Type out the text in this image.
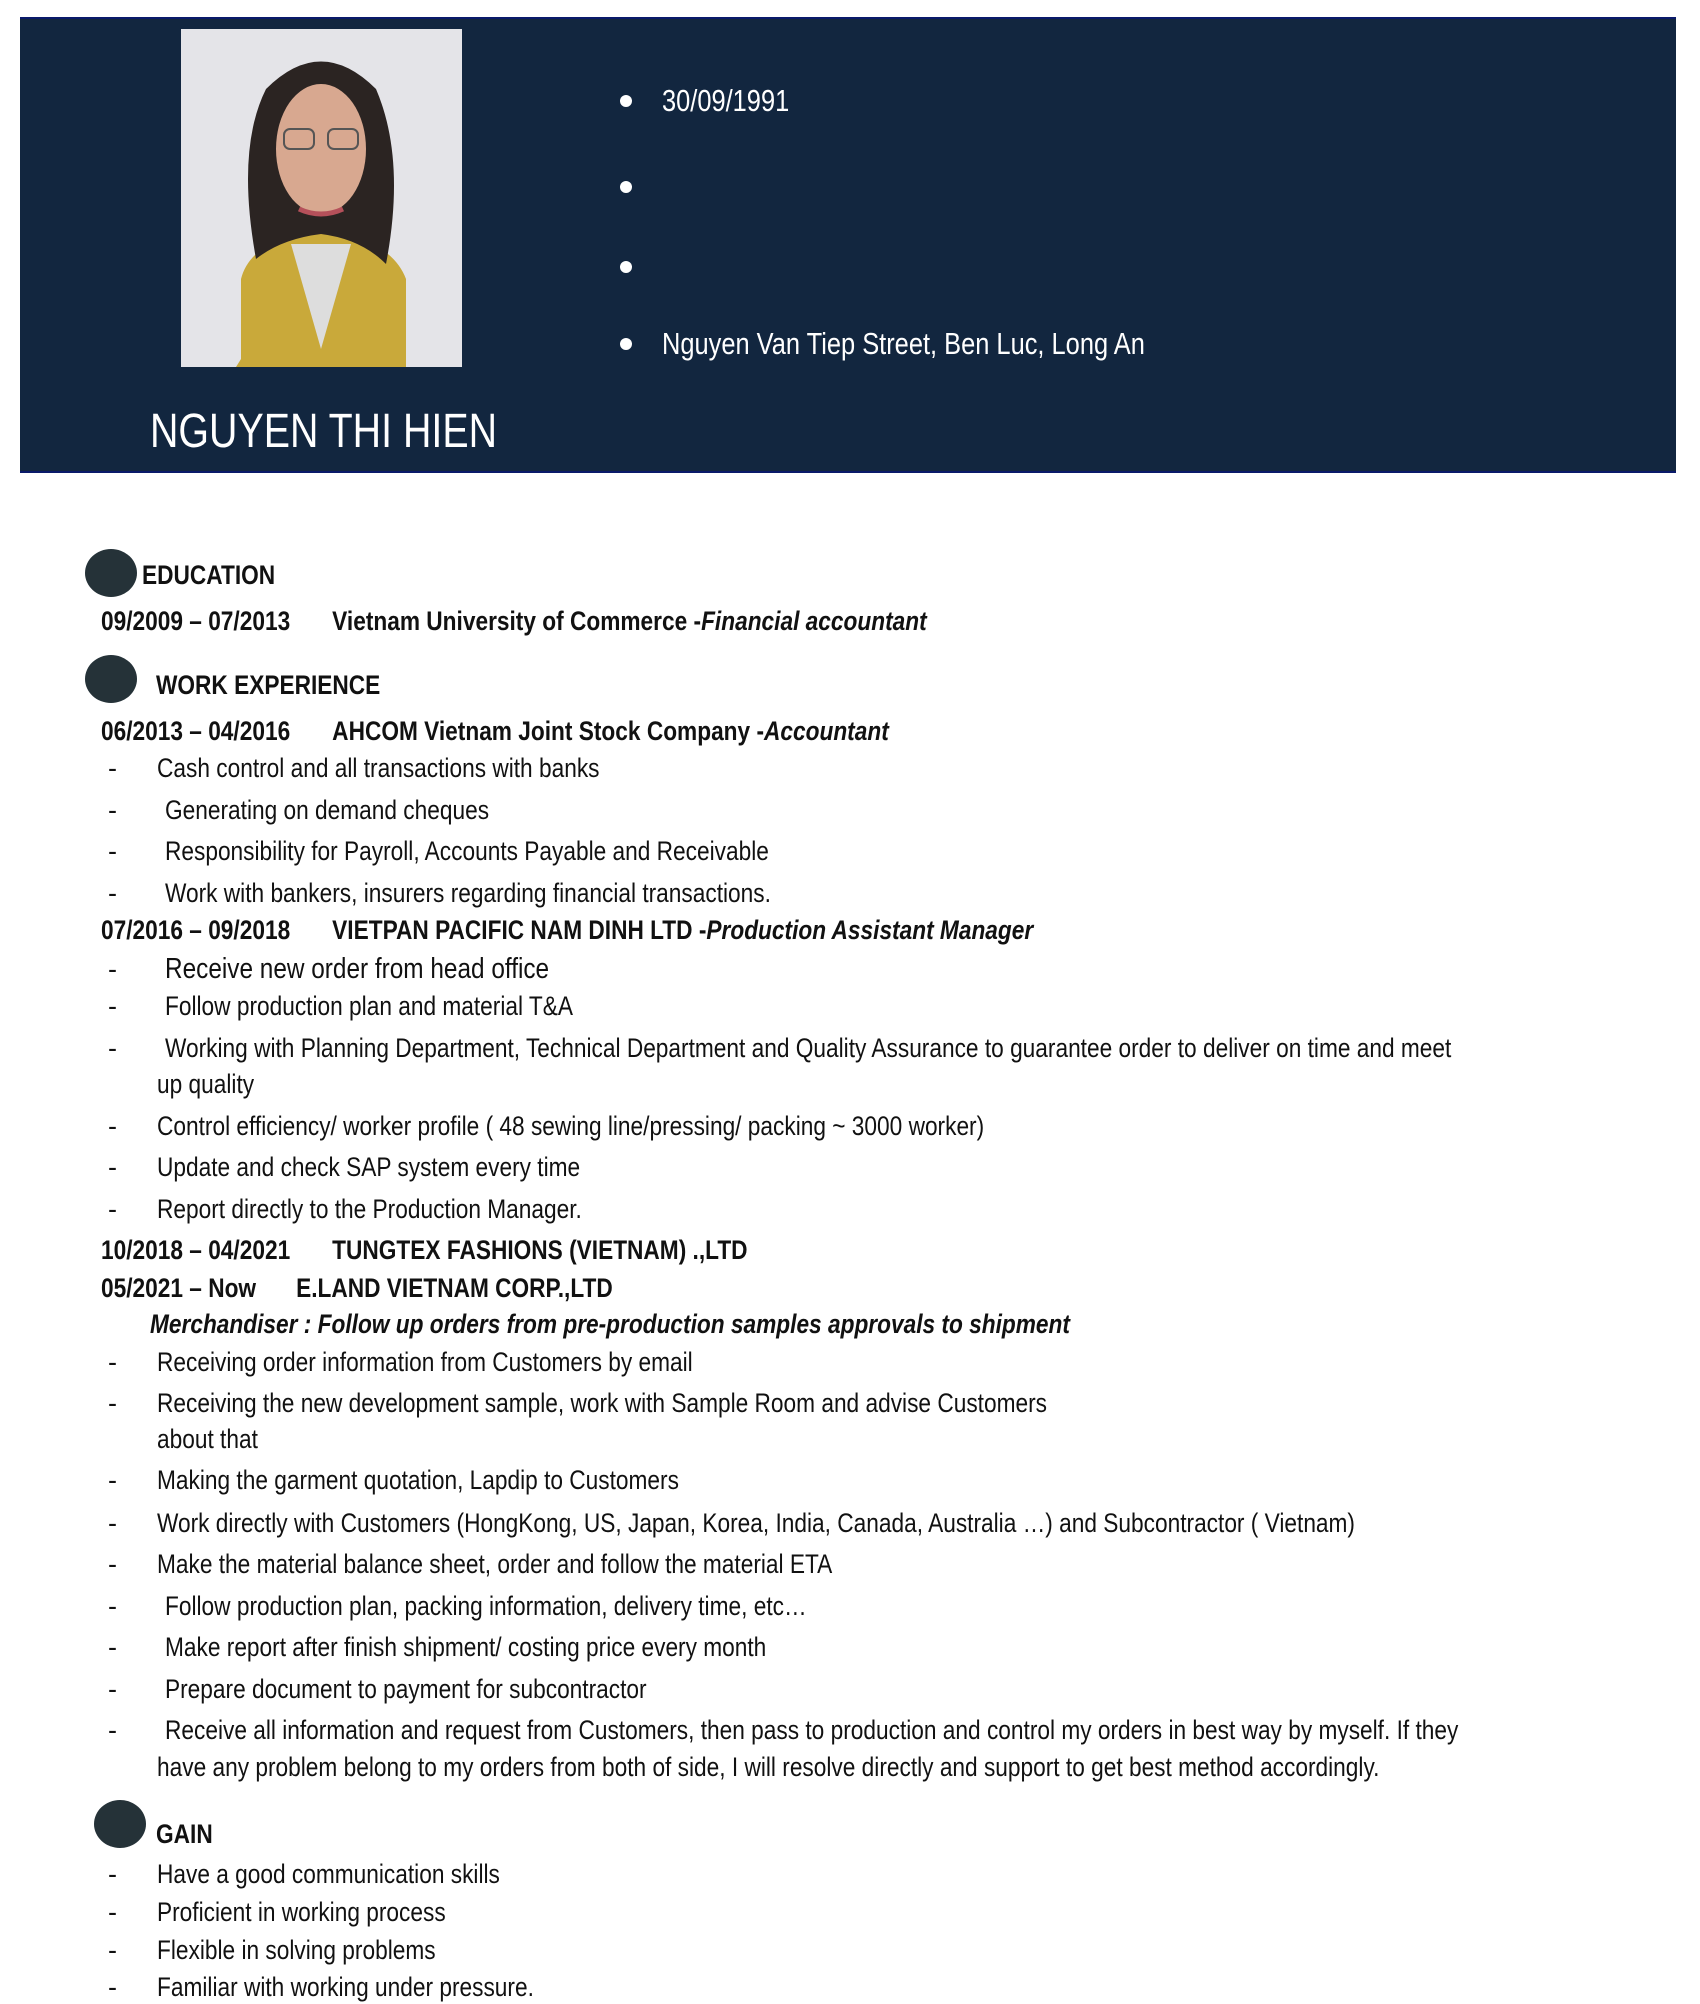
30/09/1991
Nguyen Van Tiep Street, Ben Luc, Long An
NGUYEN THI HIEN
EDUCATION
09/2009 – 07/2013 Vietnam University of Commerce -Financial accountant
WORK EXPERIENCE
06/2013 – 04/2016 AHCOM Vietnam Joint Stock Company -Accountant
- Cash control and all transactions with banks
- Generating on demand cheques
- Responsibility for Payroll, Accounts Payable and Receivable
- Work with bankers, insurers regarding financial transactions.
07/2016 – 09/2018 VIETPAN PACIFIC NAM DINH LTD -Production Assistant Manager
- Receive new order from head office
- Follow production plan and material T&A
- Working with Planning Department, Technical Department and Quality Assurance to guarantee order to deliver on time and meet
up quality
- Control efficiency/ worker profile ( 48 sewing line/pressing/ packing ~ 3000 worker)
- Update and check SAP system every time
- Report directly to the Production Manager.
10/2018 – 04/2021 TUNGTEX FASHIONS (VIETNAM) .,LTD
05/2021 – Now E.LAND VIETNAM CORP.,LTD
Merchandiser : Follow up orders from pre-production samples approvals to shipment
- Receiving order information from Customers by email
- Receiving the new development sample, work with Sample Room and advise Customers
about that
- Making the garment quotation, Lapdip to Customers
- Work directly with Customers (HongKong, US, Japan, Korea, India, Canada, Australia …) and Subcontractor ( Vietnam)
- Make the material balance sheet, order and follow the material ETA
- Follow production plan, packing information, delivery time, etc…
- Make report after finish shipment/ costing price every month
- Prepare document to payment for subcontractor
- Receive all information and request from Customers, then pass to production and control my orders in best way by myself. If they
have any problem belong to my orders from both of side, I will resolve directly and support to get best method accordingly.
GAIN
- Have a good communication skills
- Proficient in working process
- Flexible in solving problems
- Familiar with working under pressure.
